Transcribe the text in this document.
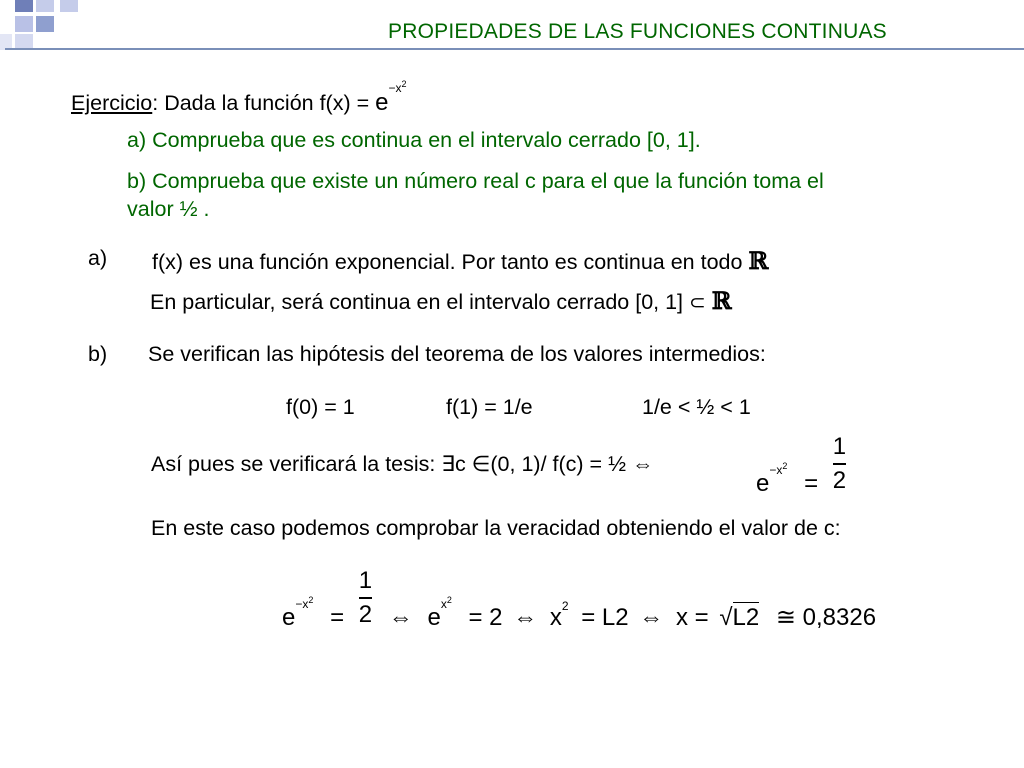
PROPIEDADES DE LAS FUNCIONES CONTINUAS
Ejercicio: Dada la función $f(x) = e^{-x^2}$
a) Comprueba que es continua en el intervalo cerrado [0, 1].
b) Comprueba que existe un número real c para el que la función toma el
valor ½ .
a) f(x) es una función exponencial. Por tanto es continua en todo ℝ
En particular, será continua en el intervalo cerrado [0, 1] ⊂ ℝ
b) Se verifican las hipótesis del teorema de los valores intermedios:
f(0) = 1	f(1) = 1/e	1/e < ½ < 1
Así pues se verificará la tesis: ∃c ∈(0, 1)/ f(c) = ½ ⇔
$e-x^2 = \frac{1}{2}$
En este caso podemos comprobar la veracidad obteniendo el valor de c:
$e-x^2 = \frac{1}{2}$ ⇔ $ex^2 = 2$ ⇔ $x_2 = L2$ ⇔ x = √L2 ≅ 0,8326
